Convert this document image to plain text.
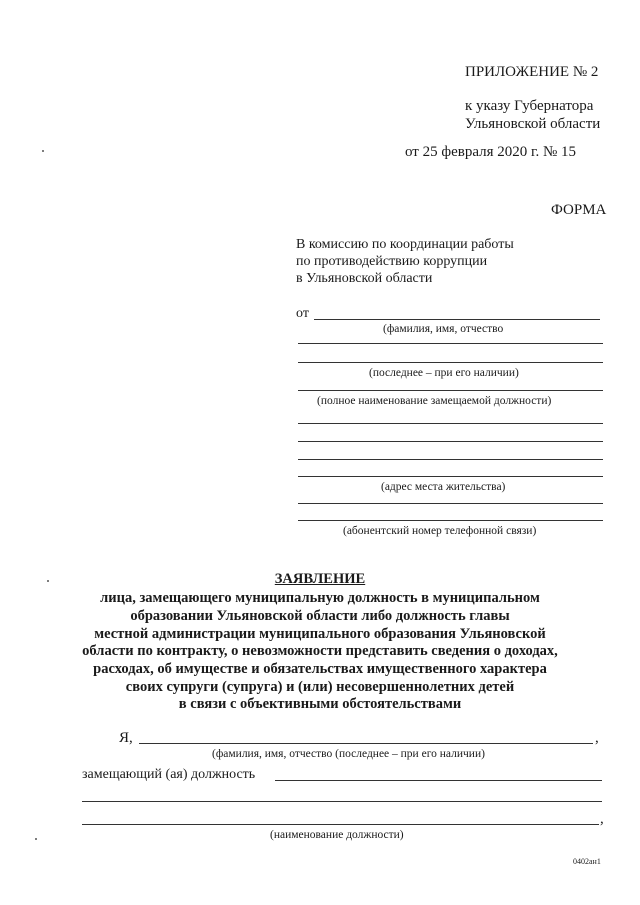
ПРИЛОЖЕНИЕ № 2
к указу Губернатора
Ульяновской области
от 25 февраля 2020 г. № 15
ФОРМА
В комиссию по координации работы
по противодействию коррупции
в Ульяновской области
от
(фамилия, имя, отчество
(последнее – при его наличии)
(полное наименование замещаемой должности)
(адрес места жительства)
(абонентский номер телефонной связи)
ЗАЯВЛЕНИЕ
лица, замещающего муниципальную должность в муниципальном
образовании Ульяновской области либо должность главы
местной администрации муниципального образования Ульяновской
области по контракту, о невозможности представить сведения о доходах,
расходах, об имуществе и обязательствах имущественного характера
своих супруги (супруга) и (или) несовершеннолетних детей
в связи с объективными обстоятельствами
Я,	,
(фамилия, имя, отчество (последнее – при его наличии)
замещающий (ая) должность
,
(наименование должности)
0402ан1
